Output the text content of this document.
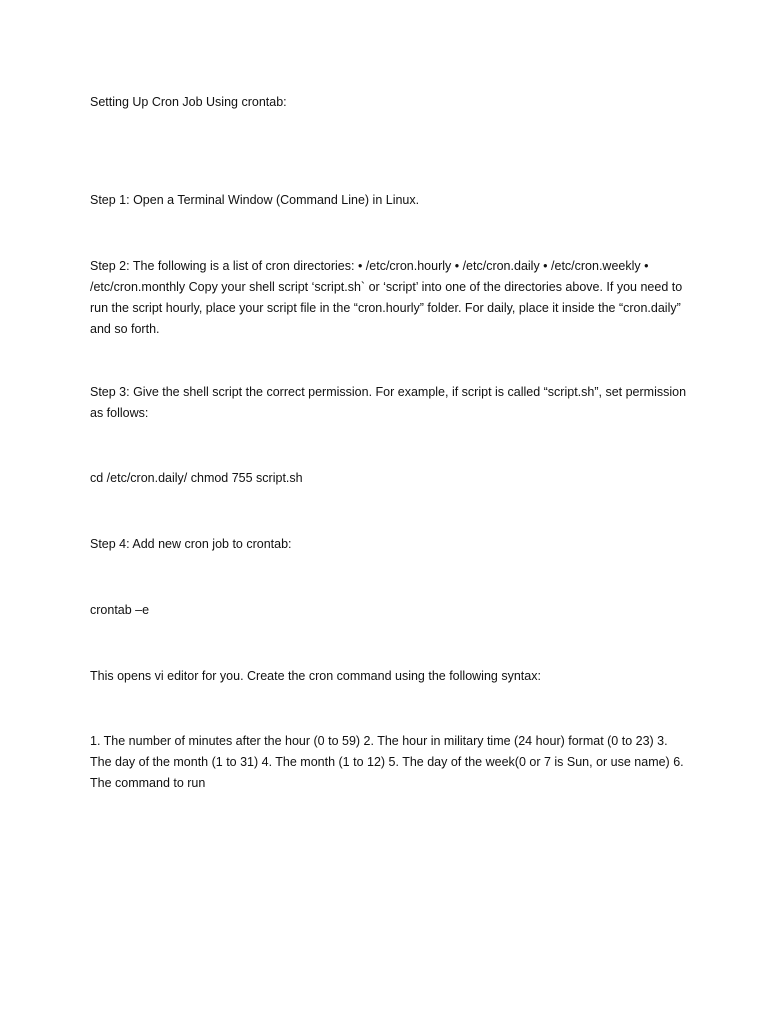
Setting Up Cron Job Using crontab:

Step 1: Open a Terminal Window (Command Line) in Linux.

Step 2: The following is a list of cron directories: • /etc/cron.hourly • /etc/cron.daily • /etc/cron.weekly • /etc/cron.monthly Copy your shell script ‘script.sh` or ‘script’ into one of the directories above. If you need to run the script hourly, place your script file in the “cron.hourly” folder. For daily, place it inside the “cron.daily” and so forth.

Step 3: Give the shell script the correct permission. For example, if script is called “script.sh”, set permission as follows:

cd /etc/cron.daily/ chmod 755 script.sh

Step 4: Add new cron job to crontab:

crontab –e

This opens vi editor for you. Create the cron command using the following syntax:

1. The number of minutes after the hour (0 to 59) 2. The hour in military time (24 hour) format (0 to 23) 3. The day of the month (1 to 31) 4. The month (1 to 12) 5. The day of the week(0 or 7 is Sun, or use name) 6. The command to run
